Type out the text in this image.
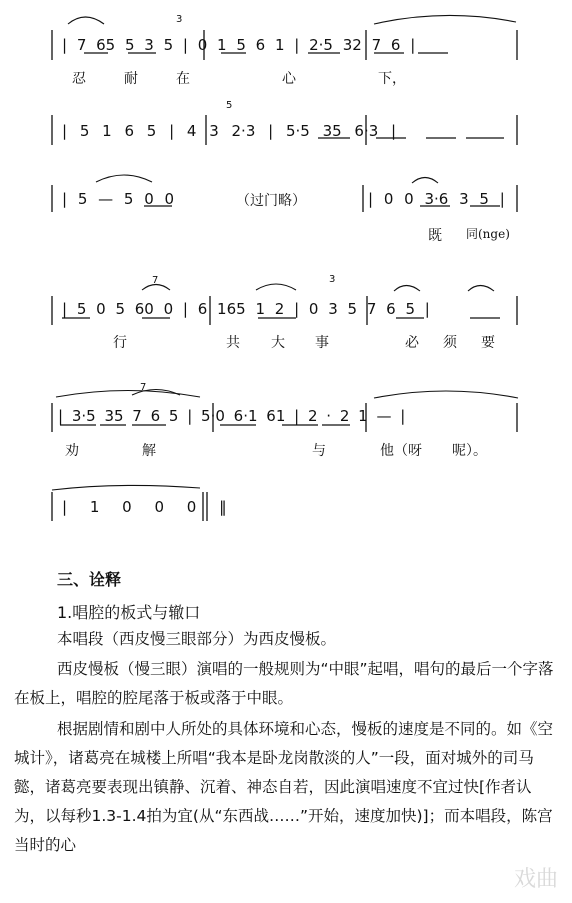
3
5
7	3
7
| 7 65 5 3 5 | 0 1 5 6 1 | 2·5 32 7 6 |
忍	耐	在	心	下，
| 5 1 6 5 | 4 3 2·3 | 5·5 35 6·3 |
| 5 — 5 0 0	（过门略）	| 0 0 3·6 3 5 |
既 同(nge)
| 5 0 5 60 0 | 6 165 1 2 | 0 3 5 7 6 5 |
行	共 大 事	必 须 要
| 3·5 35 7 6 5 | 5·0 6·1 61 | 2 · 2 1 — |
劝	解	与	他（呀 呢）。
| 1 0 0 0 ‖
三、诠释
1.唱腔的板式与辙口

本唱段（西皮慢三眼部分）为西皮慢板。

西皮慢板（慢三眼）演唱的一般规则为“中眼”起唱，唱句的最后一个字落在板上，唱腔的腔尾落于板或落于中眼。

根据剧情和剧中人所处的具体环境和心态，慢板的速度是不同的。如《空城计》，诸葛亮在城楼上所唱“我本是卧龙岗散淡的人”一段，面对城外的司马懿，诸葛亮要表现出镇静、沉着、神态自若，因此演唱速度不宜过快[作者认为，以每秒1.3-1.4拍为宜(从“东西战……”开始，速度加快)]；而本唱段，陈宫当时的心

戏曲
